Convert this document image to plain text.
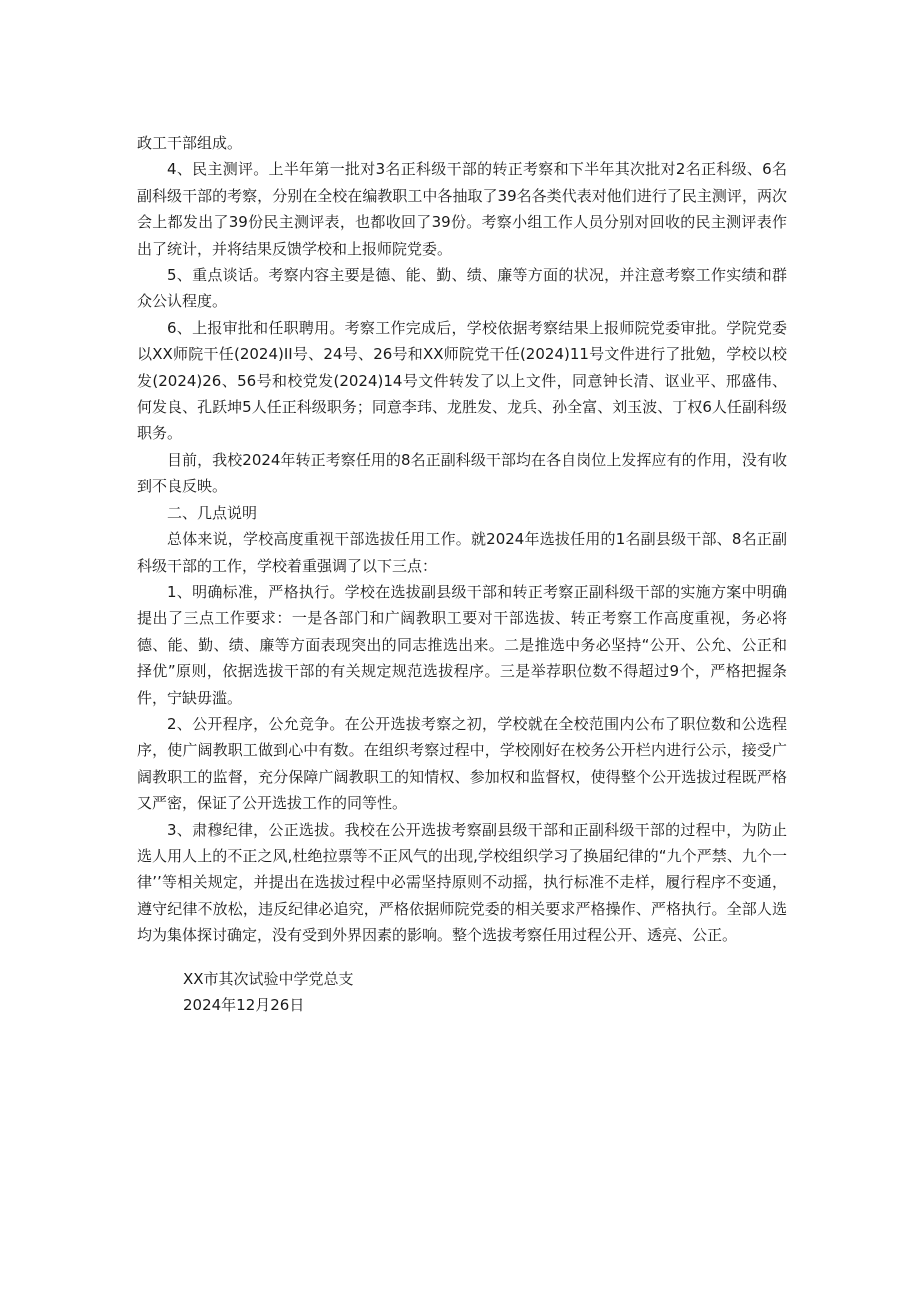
政工干部组成。

4、民主测评。上半年第一批对3名正科级干部的转正考察和下半年其次批对2名正科级、6名副科级干部的考察，分别在全校在编教职工中各抽取了39名各类代表对他们进行了民主测评，两次会上都发出了39份民主测评表，也都收回了39份。考察小组工作人员分别对回收的民主测评表作出了统计，并将结果反馈学校和上报师院党委。

5、重点谈话。考察内容主要是德、能、勤、绩、廉等方面的状况，并注意考察工作实绩和群众公认程度。

6、上报审批和任职聘用。考察工作完成后，学校依据考察结果上报师院党委审批。学院党委以XX师院干任(2024)II号、24号、26号和XX师院党干任(2024)11号文件进行了批勉，学校以校发(2024)26、56号和校党发(2024)14号文件转发了以上文件，同意钟长清、讴业平、邢盛伟、何发良、孔跃坤5人任正科级职务；同意李玮、龙胜发、龙兵、孙全富、刘玉波、丁权6人任副科级职务。

目前，我校2024年转正考察任用的8名正副科级干部均在各自岗位上发挥应有的作用，没有收到不良反映。

二、几点说明

总体来说，学校高度重视干部选拔任用工作。就2024年选拔任用的1名副县级干部、8名正副科级干部的工作，学校着重强调了以下三点：

1、明确标准，严格执行。学校在选拔副县级干部和转正考察正副科级干部的实施方案中明确提出了三点工作要求：一是各部门和广阔教职工要对干部选拔、转正考察工作高度重视，务必将德、能、勤、绩、廉等方面表现突出的同志推选出来。二是推选中务必坚持“公开、公允、公正和择优”原则，依据选拔干部的有关规定规范选拔程序。三是举荐职位数不得超过9个，严格把握条件，宁缺毋滥。

2、公开程序，公允竞争。在公开选拔考察之初，学校就在全校范围内公布了职位数和公选程序，使广阔教职工做到心中有数。在组织考察过程中，学校刚好在校务公开栏内进行公示，接受广阔教职工的监督，充分保障广阔教职工的知情权、参加权和监督权，使得整个公开选拔过程既严格又严密，保证了公开选拔工作的同等性。

3、肃穆纪律，公正选拔。我校在公开选拔考察副县级干部和正副科级干部的过程中，为防止选人用人上的不正之风,杜绝拉票等不正风气的出现,学校组织学习了换届纪律的“九个严禁、九个一律’’等相关规定，并提出在选拔过程中必需坚持原则不动摇，执行标准不走样，履行程序不变通，遵守纪律不放松，违反纪律必追究，严格依据师院党委的相关要求严格操作、严格执行。全部人选均为集体探讨确定，没有受到外界因素的影响。整个选拔考察任用过程公开、透亮、公正。

XX市其次试验中学党总支
2024年12月26日
